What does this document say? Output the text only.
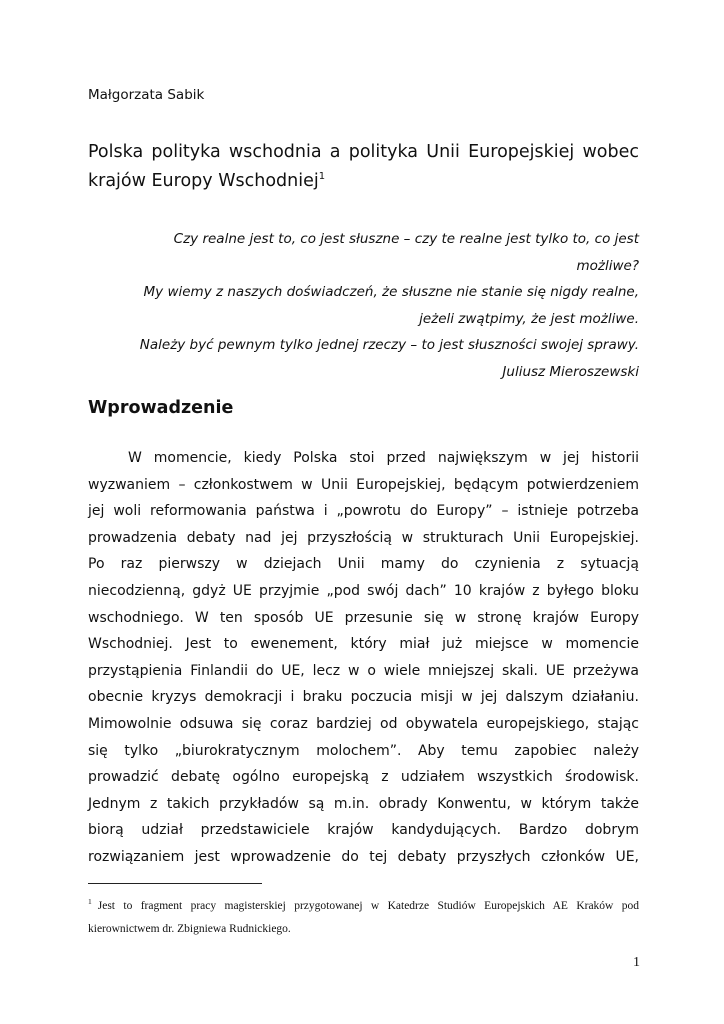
Małgorzata Sabik
Polska polityka wschodnia a polityka Unii Europejskiej wobec krajów Europy Wschodniej$^1$
Czy realne jest to, co jest słuszne – czy te realne jest tylko to, co jest
możliwe?
My wiemy z naszych doświadczeń, że słuszne nie stanie się nigdy realne,
jeżeli zwątpimy, że jest możliwe.
Należy być pewnym tylko jednej rzeczy – to jest słuszności swojej sprawy.
Juliusz Mieroszewski
Wprowadzenie
W momencie, kiedy Polska stoi przed największym w jej historii
wyzwaniem – członkostwem w Unii Europejskiej, będącym potwierdzeniem
jej woli reformowania państwa i „powrotu do Europy” – istnieje potrzeba
prowadzenia debaty nad jej przyszłością w strukturach Unii Europejskiej.
Po raz pierwszy w dziejach Unii mamy do czynienia z sytuacją
niecodzienną, gdyż UE przyjmie „pod swój dach” 10 krajów z byłego bloku
wschodniego. W ten sposób UE przesunie się w stronę krajów Europy
Wschodniej. Jest to ewenement, który miał już miejsce w momencie
przystąpienia Finlandii do UE, lecz w o wiele mniejszej skali. UE przeżywa
obecnie kryzys demokracji i braku poczucia misji w jej dalszym działaniu.
Mimowolnie odsuwa się coraz bardziej od obywatela europejskiego, stając
się tylko „biurokratycznym molochem”. Aby temu zapobiec należy
prowadzić debatę ogólno europejską z udziałem wszystkich środowisk.
Jednym z takich przykładów są m.in. obrady Konwentu, w którym także
biorą udział przedstawiciele krajów kandydujących. Bardzo dobrym
rozwiązaniem jest wprowadzenie do tej debaty przyszłych członków UE,
$^1$ Jest to fragment pracy magisterskiej przygotowanej w Katedrze Studiów Europejskich AE Kraków pod
kierownictwem dr. Zbigniewa Rudnickiego.
1
